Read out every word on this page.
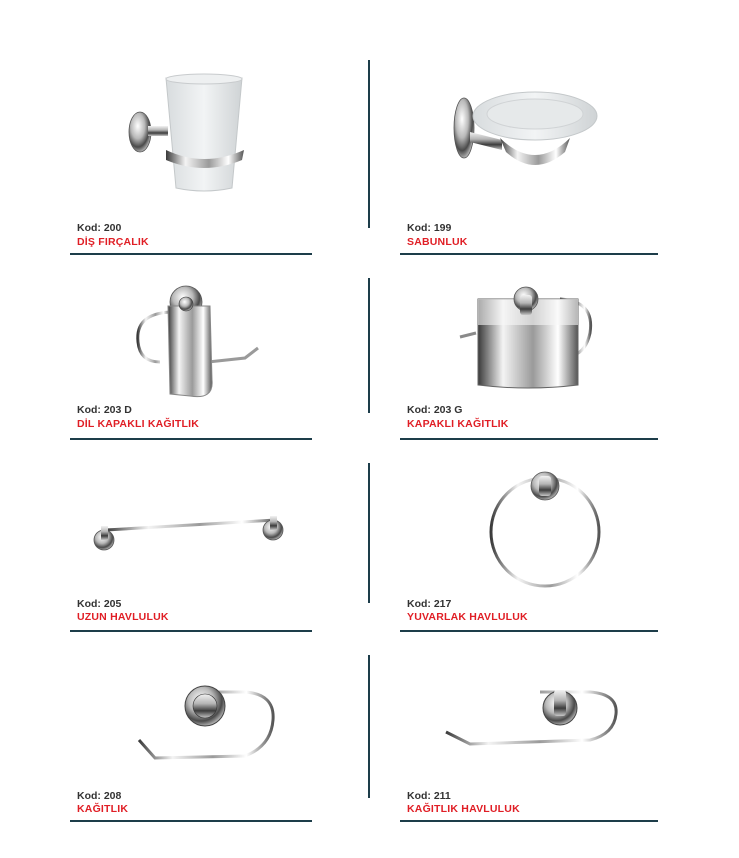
Kod: 200
DİŞ FIRÇALIK
Kod: 199
SABUNLUK
Kod: 203 D
DİL KAPAKLI KAĞITLIK
Kod: 203 G
KAPAKLI KAĞITLIK
Kod: 205
UZUN HAVLULUK
Kod: 217
YUVARLAK HAVLULUK
Kod: 208
KAĞITLIK
Kod: 211
KAĞITLIK HAVLULUK
